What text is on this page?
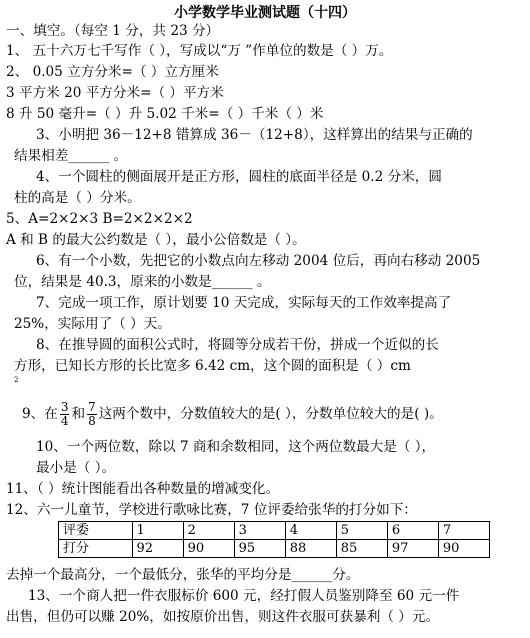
小学数学毕业测试题（十四）
一、填空。（每空 1 分，共 23 分）
1、 五十六万七千写作（ ），写成以“万 ”作单位的数是（ ）万。
2、 0.05 立方分米=（ ）立方厘米
3 平方米 20 平方分米=（ ）平方米
8 升 50 毫升=（ ）升 5.02 千米=（ ）千米（ ）米
3、小明把 36－12+8 错算成 36－（12+8），这样算出的结果与正确的
结果相差______ 。
4、一个圆柱的侧面展开是正方形，圆柱的底面半径是 0.2 分米，圆
柱的高是（ ）分米。
5、A=2×2×3 B=2×2×2×2
A 和 B 的最大公约数是（ ），最小公倍数是（ ）。
6、有一个小数，先把它的小数点向左移动 2004 位后，再向右移动 2005
位，结果是 40.3，原来的小数是______ 。
7、完成一项工作，原计划要 10 天完成，实际每天的工作效率提高了
25%，实际用了（ ）天。
8、在推导圆的面积公式时，将圆等分成若干份，拼成一个近似的长
方形，已知长方形的长比宽多 6.42 cm，这个圆的面积是（ ）cm
2
9、在 $\frac{3}{4}$ 和 $\frac{7}{8}$ 这两个数中，分数值较大的是( ），分数单位较大的是( )。
10、一个两位数，除以 7 商和余数相同，这个两位数最大是（ ），
最小是（ ）。
11、（ ）统计图能看出各种数量的增减变化。
12、六一儿童节，学校进行歌咏比赛，7 位评委给张华的打分如下：
评委	1	2	3	4	5	6	7
打分	92	90	95	88	85	97	90
去掉一个最高分，一个最低分，张华的平均分是______分。
13、一个商人把一件衣服标价 600 元，经打假人员鉴别降至 60 元一件
出售，但仍可以赚 20%，如按原价出售，则这件衣服可获暴利（ ）元。
